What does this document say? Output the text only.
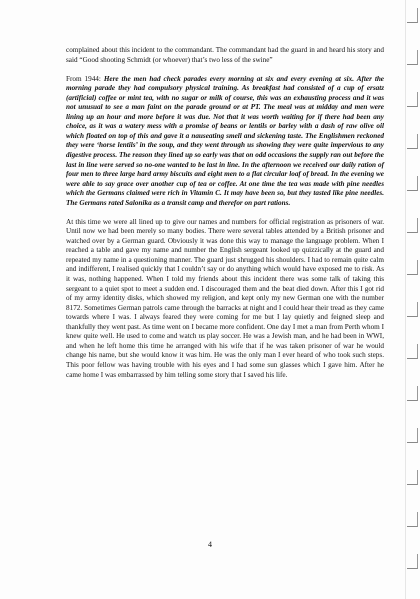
complained about this incident to the commandant. The commandant had the guard in and heard his story and said “Good shooting Schmidt (or whoever) that’s two less of the swine”

From 1944: Here the men had check parades every morning at six and every evening at six. After the morning parade they had compulsory physical training. As breakfast had consisted of a cup of ersatz (artificial) coffee or mint tea, with no sugar or milk of course, this was an exhausting process and it was not unusual to see a man faint on the parade ground or at PT. The meal was at midday and men were lining up an hour and more before it was due. Not that it was worth waiting for if there had been any choice, as it was a watery mess with a promise of beans or lentils or barley with a dash of raw olive oil which floated on top of this and gave it a nauseating smell and sickening taste. The Englishmen reckoned they were ‘horse lentils’ in the soup, and they went through us showing they were quite impervious to any digestive process. The reason they lined up so early was that on odd occasions the supply ran out before the last in line were served so no-one wanted to be last in line. In the afternoon we received our daily ration of four men to three large hard army biscuits and eight men to a flat circular loaf of bread. In the evening we were able to say grace over another cup of tea or coffee. At one time the tea was made with pine needles which the Germans claimed were rich in Vitamin C. It may have been so, but they tasted like pine needles. The Germans rated Salonika as a transit camp and therefor on part rations.

At this time we were all lined up to give our names and numbers for official registration as prisoners of war. Until now we had been merely so many bodies. There were several tables attended by a British prisoner and watched over by a German guard. Obviously it was done this way to manage the language problem. When I reached a table and gave my name and number the English sergeant looked up quizzically at the guard and repeated my name in a questioning manner. The guard just shrugged his shoulders. I had to remain quite calm and indifferent, I realised quickly that I couldn’t say or do anything which would have exposed me to risk. As it was, nothing happened. When I told my friends about this incident there was some talk of taking this sergeant to a quiet spot to meet a sudden end. I discouraged them and the beat died down. After this I got rid of my army identity disks, which showed my religion, and kept only my new German one with the number 8172. Sometimes German patrols came through the barracks at night and I could hear their tread as they came towards where I was. I always feared they were coming for me but I lay quietly and feigned sleep and thankfully they went past. As time went on I became more confident. One day I met a man from Perth whom I knew quite well. He used to come and watch us play soccer. He was a Jewish man, and he had been in WWI, and when he left home this time he arranged with his wife that if he was taken prisoner of war he would change his name, but she would know it was him. He was the only man I ever heard of who took such steps. This poor fellow was having trouble with his eyes and I had some sun glasses which I gave him. After he came home I was embarrassed by him telling some story that I saved his life.

4
